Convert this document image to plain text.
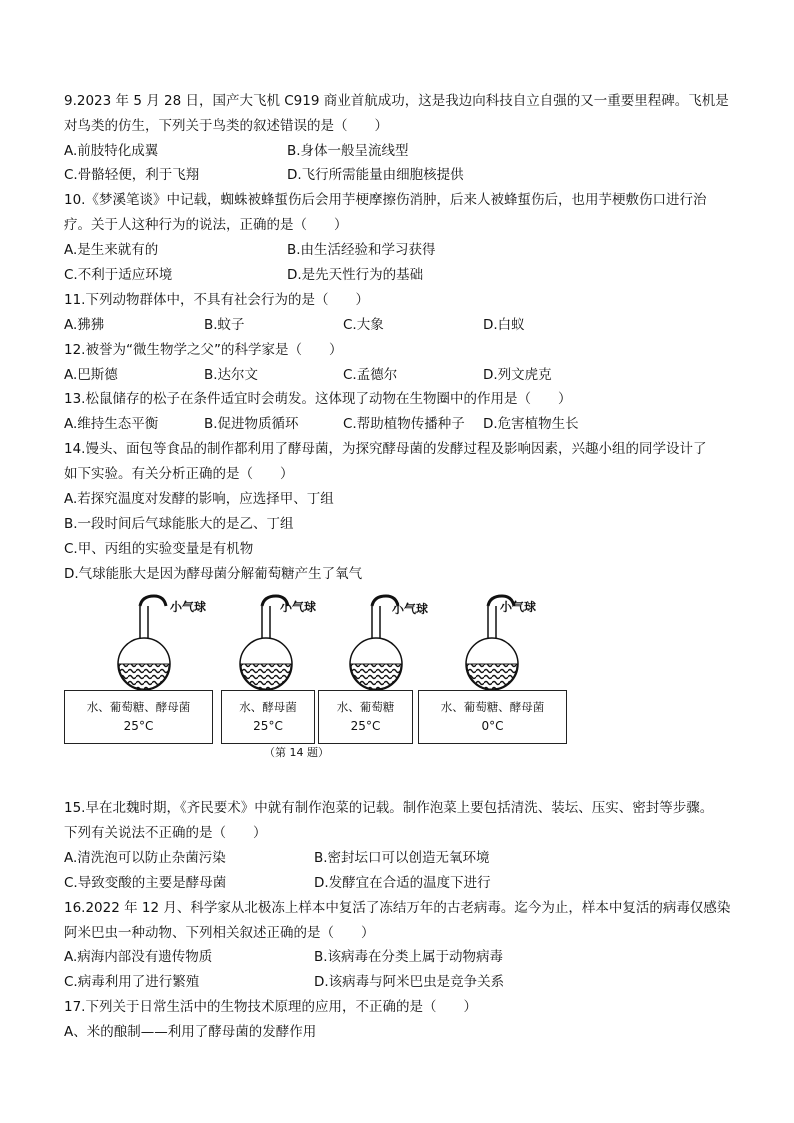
9.2023 年 5 月 28 日，国产大飞机 C919 商业首航成功，这是我边向科技自立自强的又一重要里程碑。飞机是
对鸟类的仿生，下列关于鸟类的叙述错误的是（　　）
A.前肢特化成翼	B.身体一般呈流线型
C.骨骼轻便，利于飞翔	D.飞行所需能量由细胞核提供
10.《梦溪笔谈》中记载，蜘蛛被蜂蜇伤后会用芋梗摩擦伤消肿，后来人被蜂蜇伤后，也用芋梗敷伤口进行治
疗。关于人这种行为的说法，正确的是（　　）
A.是生来就有的	B.由生活经验和学习获得
C.不利于适应环境	D.是先天性行为的基础
11.下列动物群体中，不具有社会行为的是（　　）
A.狒狒	B.蚊子	C.大象	D.白蚁
12.被誉为“微生物学之父”的科学家是（　　）
A.巴斯德	B.达尔文	C.孟德尔	D.列文虎克
13.松鼠储存的松子在条件适宜时会萌发。这体现了动物在生物圈中的作用是（　　）
A.维持生态平衡	B.促进物质循环	C.帮助植物传播种子 D.危害植物生长
14.馒头、面包等食品的制作都利用了酵母菌，为探究酵母菌的发酵过程及影响因素，兴趣小组的同学设计了
如下实验。有关分析正确的是（　　）
A.若探究温度对发酵的影响，应选择甲、丁组
B.一段时间后气球能胀大的是乙、丁组
C.甲、丙组的实验变量是有机物
D.气球能胀大是因为酵母菌分解葡萄糖产生了氧气
小气球	小气球	小气球	小气球
水、葡萄糖、酵母菌
25°C
水、酵母菌
25°C
水、葡萄糖
25°C
水、葡萄糖、酵母菌
0°C
（第 14 题）
15.早在北魏时期，《齐民要术》中就有制作泡菜的记载。制作泡菜上要包括清洗、装坛、压实、密封等步骤。
下列有关说法不正确的是（　　）
A.清洗泡可以防止杂菌污染	B.密封坛口可以创造无氧环境
C.导致变酸的主要是酵母菌	D.发酵宜在合适的温度下进行
16.2022 年 12 月、科学家从北极冻上样本中复活了冻结万年的古老病毒。迄今为止，样本中复活的病毒仅感染
阿米巴虫一种动物、下列相关叙述正确的是（　　）
A.病海内部没有遗传物质	B.该病毒在分类上属于动物病毒
C.病毒利用了进行繁殖	D.该病毒与阿米巴虫是竞争关系
17.下列关于日常生活中的生物技术原理的应用，不正确的是（　　）
A、米的酿制——利用了酵母菌的发酵作用
